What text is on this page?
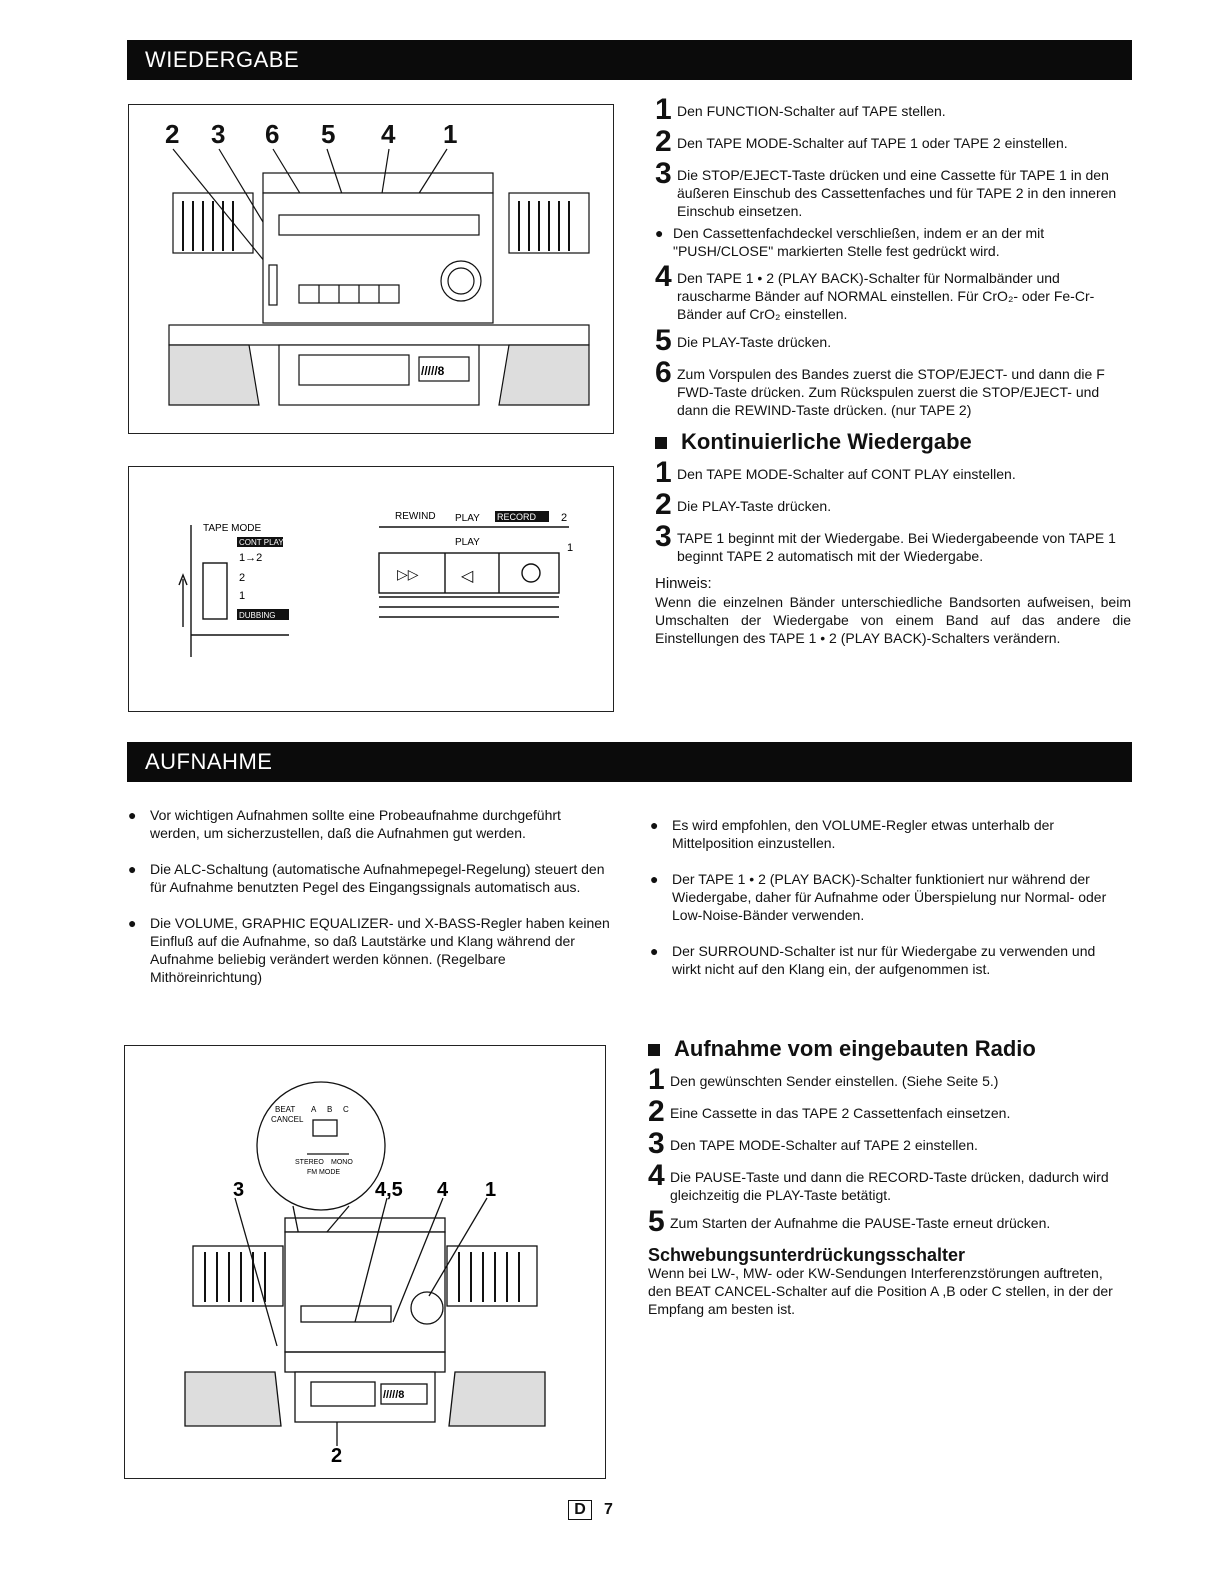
WIEDERGABE
AUFNAHME
2 3 6 5 4 1
/////8
TAPE MODE
CONT PLAY
1→2
2
1
DUBBING
REWIND PLAY RECORD 2
PLAY	1
▷▷	◁
1 Den FUNCTION-Schalter auf TAPE stellen.
2 Den TAPE MODE-Schalter auf TAPE 1 oder TAPE 2 einstellen.
3 Die STOP/EJECT-Taste drücken und eine Cassette für TAPE 1 in den äußeren Einschub des Cassettenfaches und für TAPE 2 in den inneren Einschub einsetzen.
● Den Cassettenfachdeckel verschließen, indem er an der mit "PUSH/CLOSE" markierten Stelle fest gedrückt wird.
4 Den TAPE 1 • 2 (PLAY BACK)-Schalter für Normalbänder und rauscharme Bänder auf NORMAL einstellen. Für CrO₂- oder Fe-Cr-Bänder auf CrO₂ einstellen.
5 Die PLAY-Taste drücken.
6 Zum Vorspulen des Bandes zuerst die STOP/EJECT- und dann die F FWD-Taste drücken. Zum Rückspulen zuerst die STOP/EJECT- und dann die REWIND-Taste drücken. (nur TAPE 2)
Kontinuierliche Wiedergabe
1 Den TAPE MODE-Schalter auf CONT PLAY einstellen.
2 Die PLAY-Taste drücken.
3 TAPE 1 beginnt mit der Wiedergabe. Bei Wiedergabeende von TAPE 1 beginnt TAPE 2 automatisch mit der Wiedergabe.
Hinweis:
Wenn die einzelnen Bänder unterschiedliche Bandsorten aufweisen, beim Umschalten der Wiedergabe von einem Band auf das andere die Einstellungen des TAPE 1 • 2 (PLAY BACK)-Schalters verändern.
● Vor wichtigen Aufnahmen sollte eine Probeaufnahme durchgeführt werden, um sicherzustellen, daß die Aufnahmen gut werden.
● Die ALC-Schaltung (automatische Aufnahmepegel-Regelung) steuert den für Aufnahme benutzten Pegel des Eingangssignals automatisch aus.
● Die VOLUME, GRAPHIC EQUALIZER- und X-BASS-Regler haben keinen Einfluß auf die Aufnahme, so daß Lautstärke und Klang während der Aufnahme beliebig verändert werden können. (Regelbare Mithöreinrichtung)
● Es wird empfohlen, den VOLUME-Regler etwas unterhalb der Mittelposition einzustellen.
● Der TAPE 1 • 2 (PLAY BACK)-Schalter funktioniert nur während der Wiedergabe, daher für Aufnahme oder Überspielung nur Normal- oder Low-Noise-Bänder verwenden.
● Der SURROUND-Schalter ist nur für Wiedergabe zu verwenden und wirkt nicht auf den Klang ein, der aufgenommen ist.
Aufnahme vom eingebauten Radio
1 Den gewünschten Sender einstellen. (Siehe Seite 5.)
2 Eine Cassette in das TAPE 2 Cassettenfach einsetzen.
3 Den TAPE MODE-Schalter auf TAPE 2 einstellen.
4 Die PAUSE-Taste und dann die RECORD-Taste drücken, dadurch wird gleichzeitig die PLAY-Taste betätigt.
5 Zum Starten der Aufnahme die PAUSE-Taste erneut drücken.
Schwebungsunterdrückungsschalter
Wenn bei LW-, MW- oder KW-Sendungen Interferenzstörungen auftreten, den BEAT CANCEL-Schalter auf die Position A ,B oder C stellen, in der der Empfang am besten ist.
BEAT
CANCEL
A B C
STEREO MONO
FM MODE
3	4,5 4 1
2
/////8
D 7
